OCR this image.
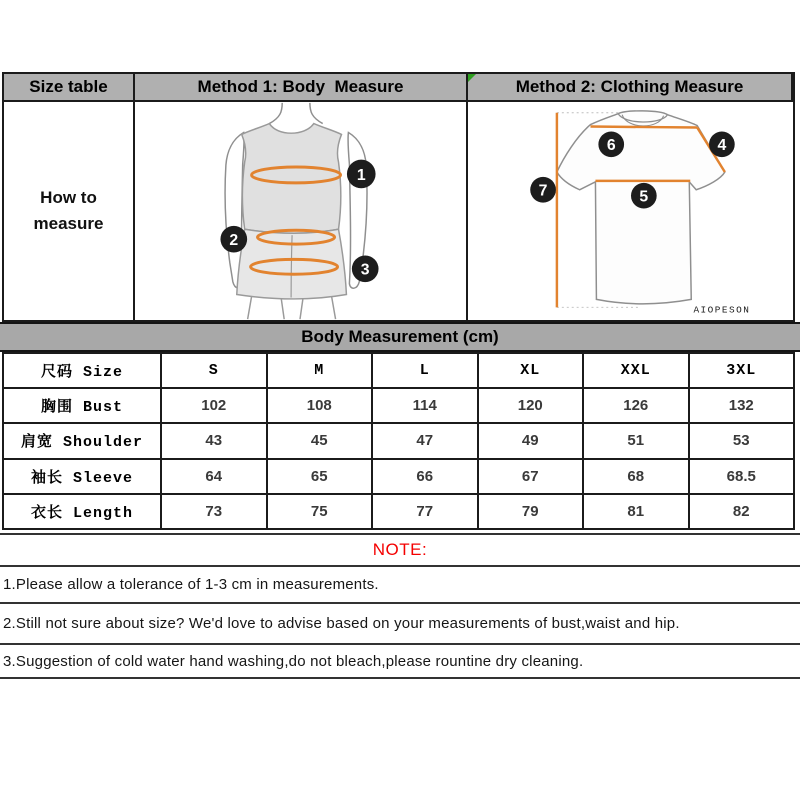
Size table	Method 1: Body  Measure	Method 2: Clothing Measure
How to measure
1
2
3
4
5
6
7
AIOPESON
Body Measurement (cm)
尺码 Size	S	M	L	XL	XXL	3XL
胸围 Bust	102	108	114	120	126	132
肩宽 Shoulder	43	45	47	49	51	53
袖长 Sleeve	64	65	66	67	68	68.5
衣长 Length	73	75	77	79	81	82
NOTE:
1.Please allow a tolerance of 1-3 cm in measurements.
2.Still not sure about size? We'd love to advise based on your measurements of bust,waist and hip.
3.Suggestion of cold water hand washing,do not bleach,please rountine dry cleaning.
